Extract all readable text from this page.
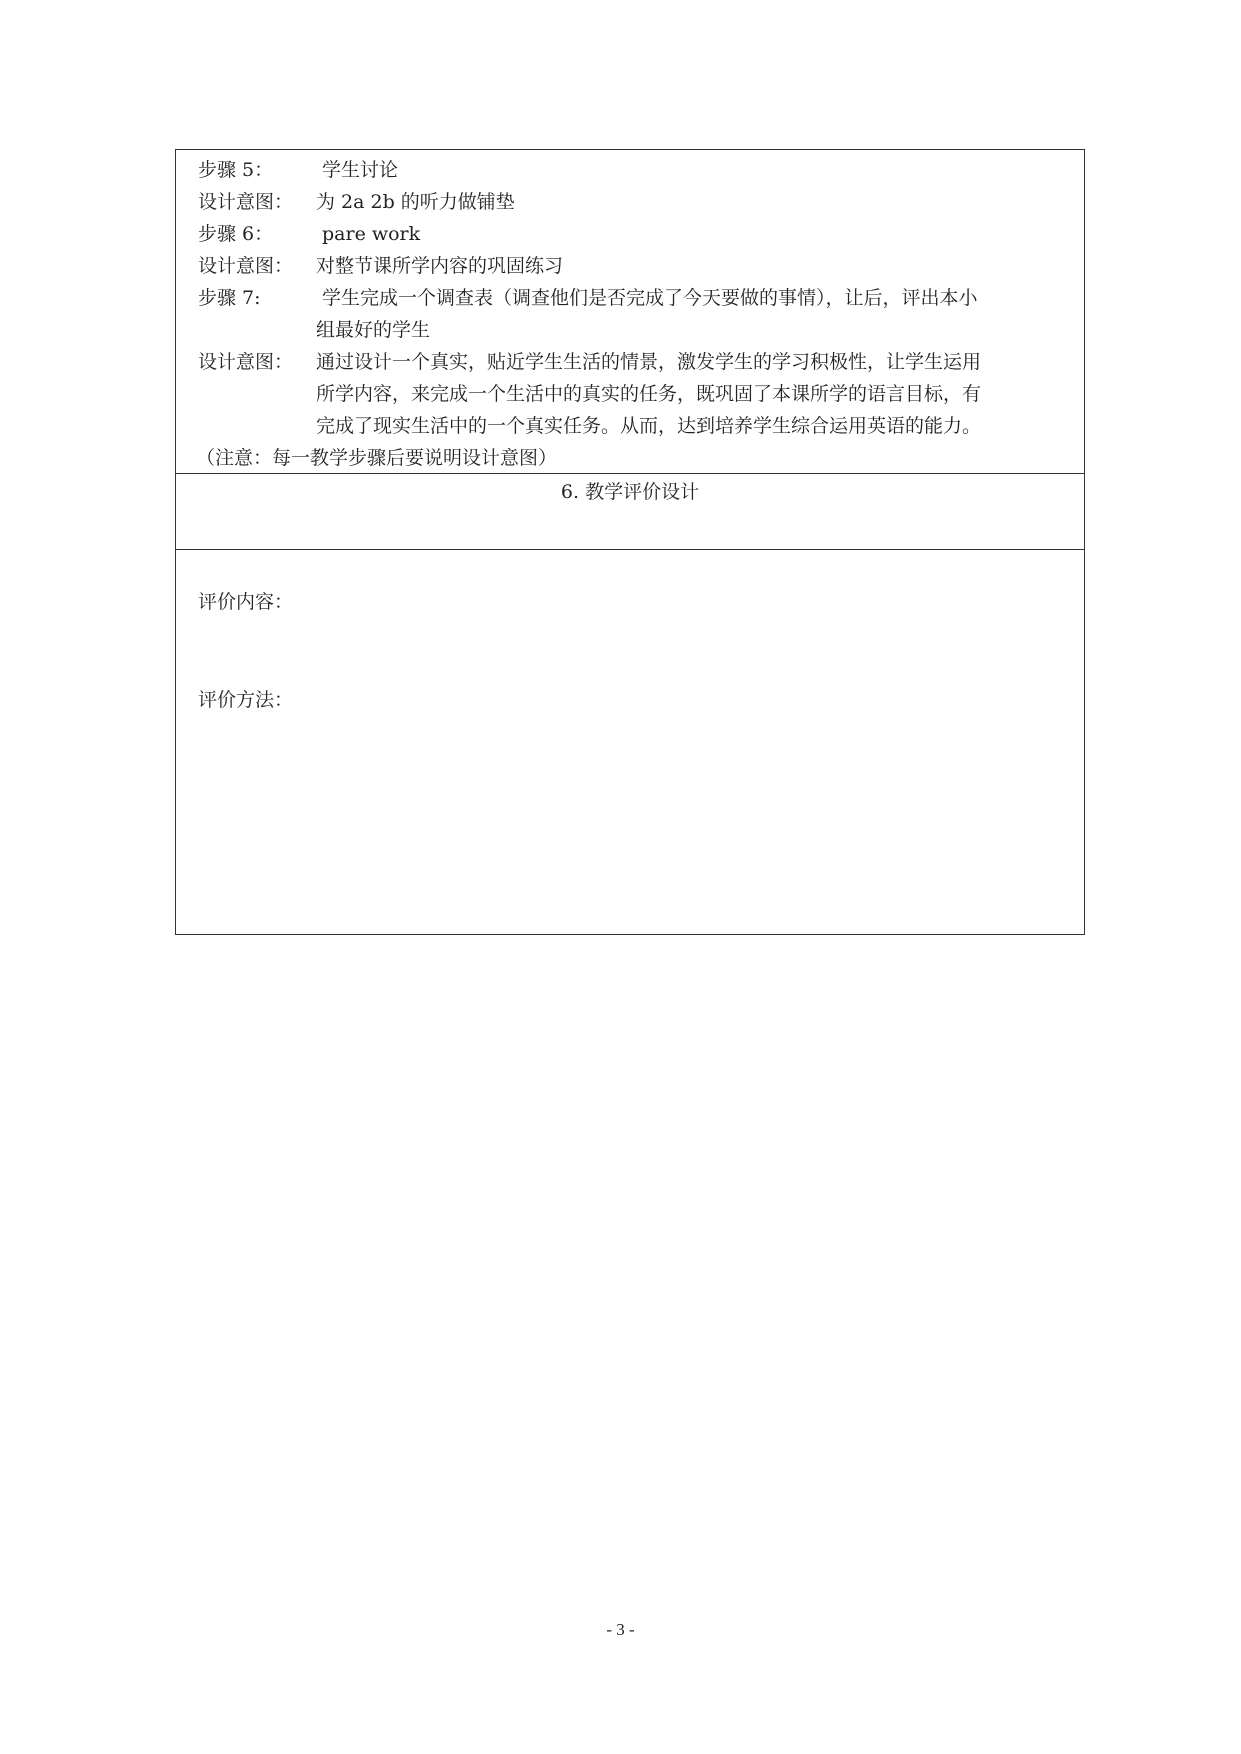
步骤 5：	学生讨论
设计意图：	为 2a 2b 的听力做铺垫
步骤 6：	pare work
设计意图：	对整节课所学内容的巩固练习
步骤 7:	学生完成一个调查表（调查他们是否完成了今天要做的事情），让后，评出本小
组最好的学生
设计意图：	通过设计一个真实，贴近学生生活的情景，激发学生的学习积极性，让学生运用
所学内容，来完成一个生活中的真实的任务，既巩固了本课所学的语言目标，有
完成了现实生活中的一个真实任务。从而，达到培养学生综合运用英语的能力。
（注意：每一教学步骤后要说明设计意图）
6. 教学评价设计
评价内容：
评价方法：
- 3 -
